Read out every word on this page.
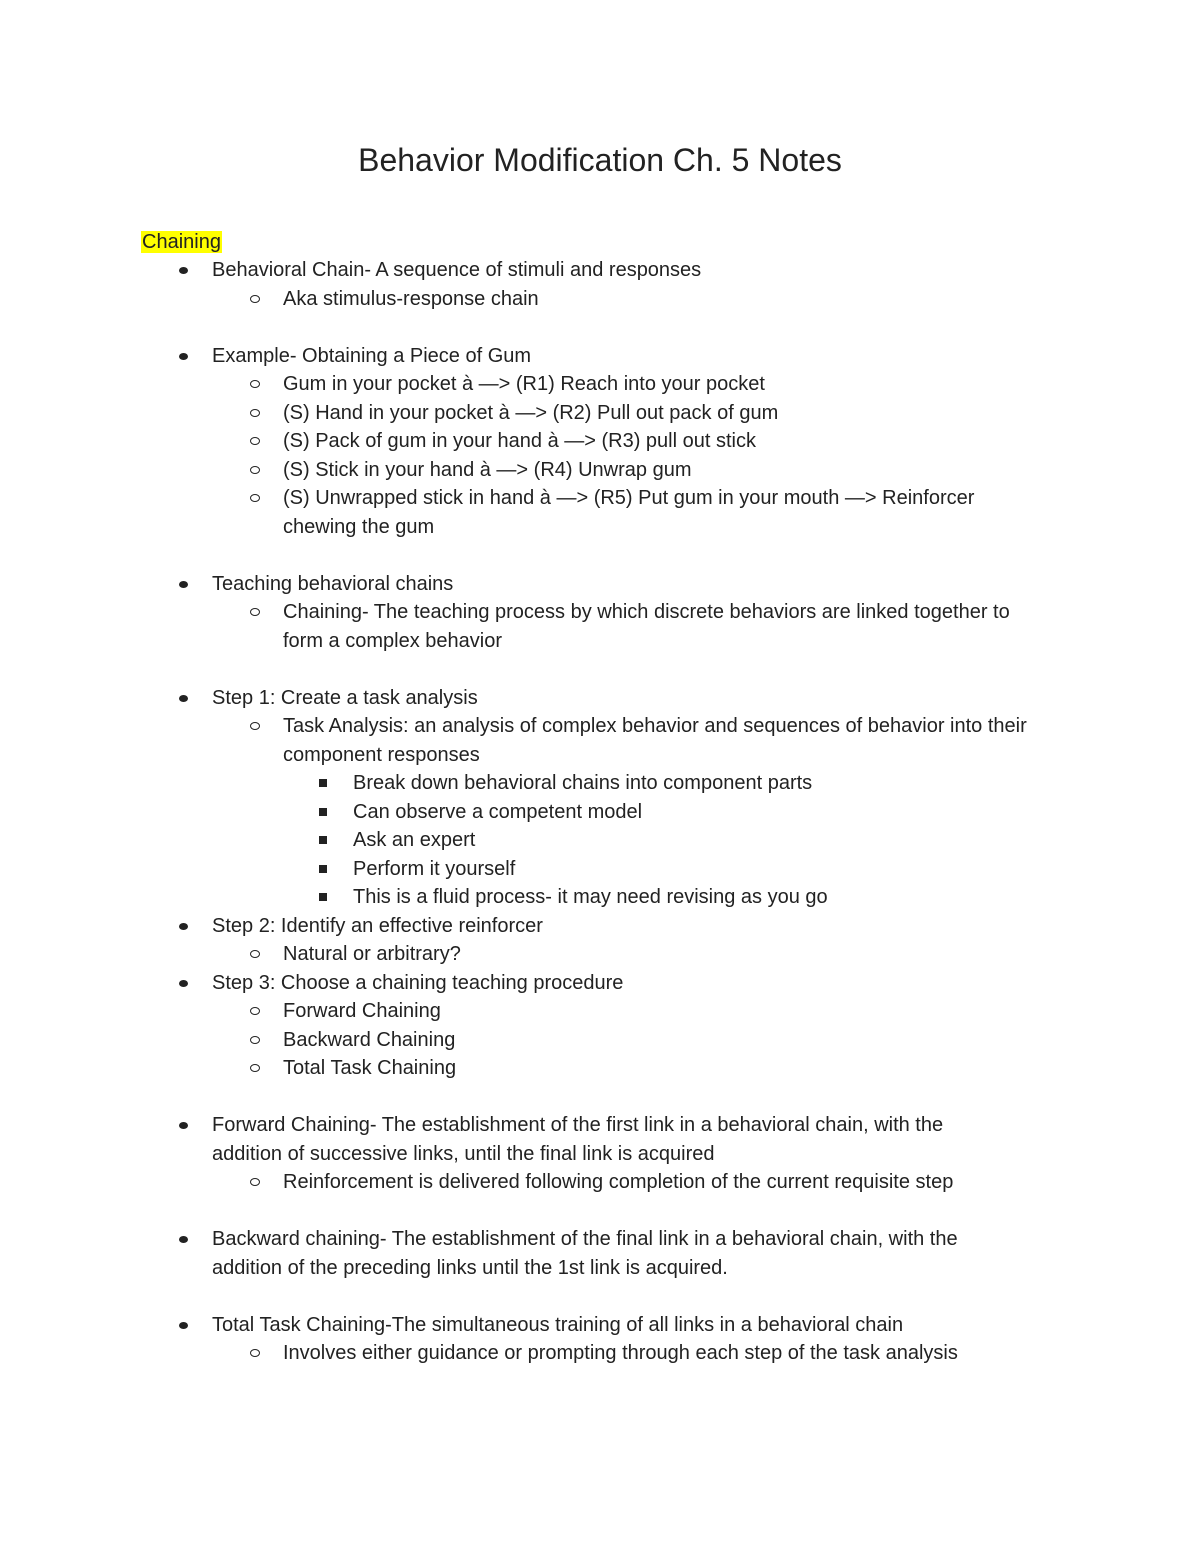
Behavior Modification Ch. 5 Notes
Chaining
Behavioral Chain- A sequence of stimuli and responses
Aka stimulus-response chain
Example- Obtaining a Piece of Gum
Gum in your pocket à —> (R1) Reach into your pocket
(S) Hand in your pocket à —> (R2) Pull out pack of gum
(S) Pack of gum in your hand à —> (R3) pull out stick
(S) Stick in your hand à —> (R4) Unwrap gum
(S) Unwrapped stick in hand à —> (R5) Put gum in your mouth —> Reinforcer chewing the gum
Teaching behavioral chains
Chaining- The teaching process by which discrete behaviors are linked together to form a complex behavior
Step 1: Create a task analysis
Task Analysis: an analysis of complex behavior and sequences of behavior into their component responses
Break down behavioral chains into component parts
Can observe a competent model
Ask an expert
Perform it yourself
This is a fluid process- it may need revising as you go
Step 2: Identify an effective reinforcer
Natural or arbitrary?
Step 3: Choose a chaining teaching procedure
Forward Chaining
Backward Chaining
Total Task Chaining
Forward Chaining- The establishment of the first link in a behavioral chain, with the addition of successive links, until the final link is acquired
Reinforcement is delivered following completion of the current requisite step
Backward chaining- The establishment of the final link in a behavioral chain, with the addition of the preceding links until the 1st link is acquired.
Total Task Chaining-The simultaneous training of all links in a behavioral chain
Involves either guidance or prompting through each step of the task analysis
